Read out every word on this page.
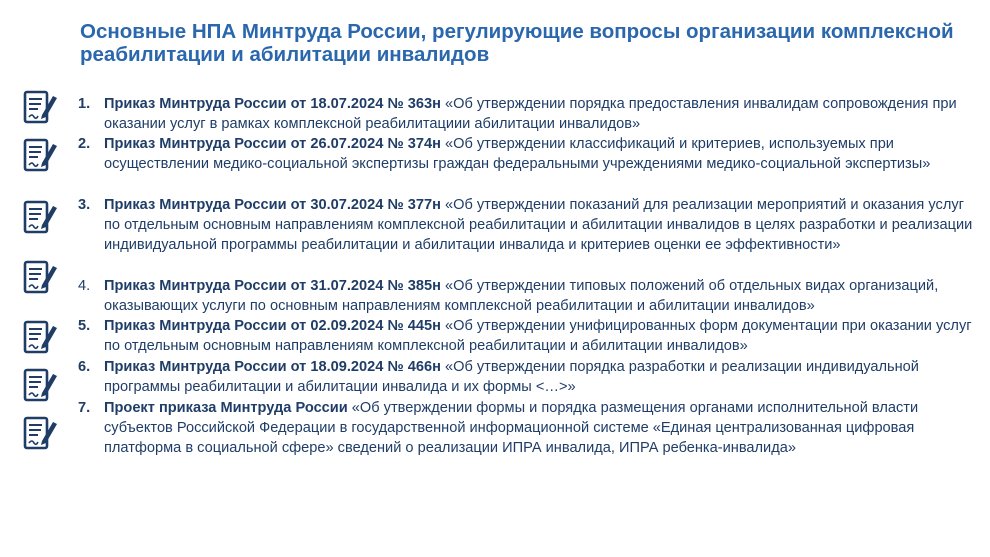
Основные НПА Минтруда России, регулирующие вопросы организации комплексной реабилитации и абилитации инвалидов
1. Приказ Минтруда России от 18.07.2024 № 363н «Об утверждении порядка предоставления инвалидам сопровождения при оказании услуг в рамках комплексной реабилитациии абилитации инвалидов»
2. Приказ Минтруда России от 26.07.2024 № 374н «Об утверждении классификаций и критериев, используемых при осуществлении медико-социальной экспертизы граждан федеральными учреждениями медико-социальной экспертизы»
3. Приказ Минтруда России от 30.07.2024 № 377н «Об утверждении показаний для реализации мероприятий и оказания услуг по отдельным основным направлениям комплексной реабилитации и абилитации инвалидов в целях разработки и реализации индивидуальной программы реабилитации и абилитации инвалида и критериев оценки ее эффективности»
4. Приказ Минтруда России от 31.07.2024 № 385н «Об утверждении типовых положений об отдельных видах организаций, оказывающих услуги по основным направлениям комплексной реабилитации и абилитации инвалидов»
5. Приказ Минтруда России от 02.09.2024 № 445н «Об утверждении унифицированных форм документации при оказании услуг по отдельным основным направлениям комплексной реабилитации и абилитации инвалидов»
6. Приказ Минтруда России от 18.09.2024 № 466н «Об утверждении порядка разработки и реализации индивидуальной программы реабилитации и абилитации инвалида и их формы <…>»
7. Проект приказа Минтруда России «Об утверждении формы и порядка размещения органами исполнительной власти субъектов Российской Федерации в государственной информационной системе «Единая централизованная цифровая платформа в социальной сфере» сведений о реализации ИПРА инвалида, ИПРА ребенка-инвалида»
